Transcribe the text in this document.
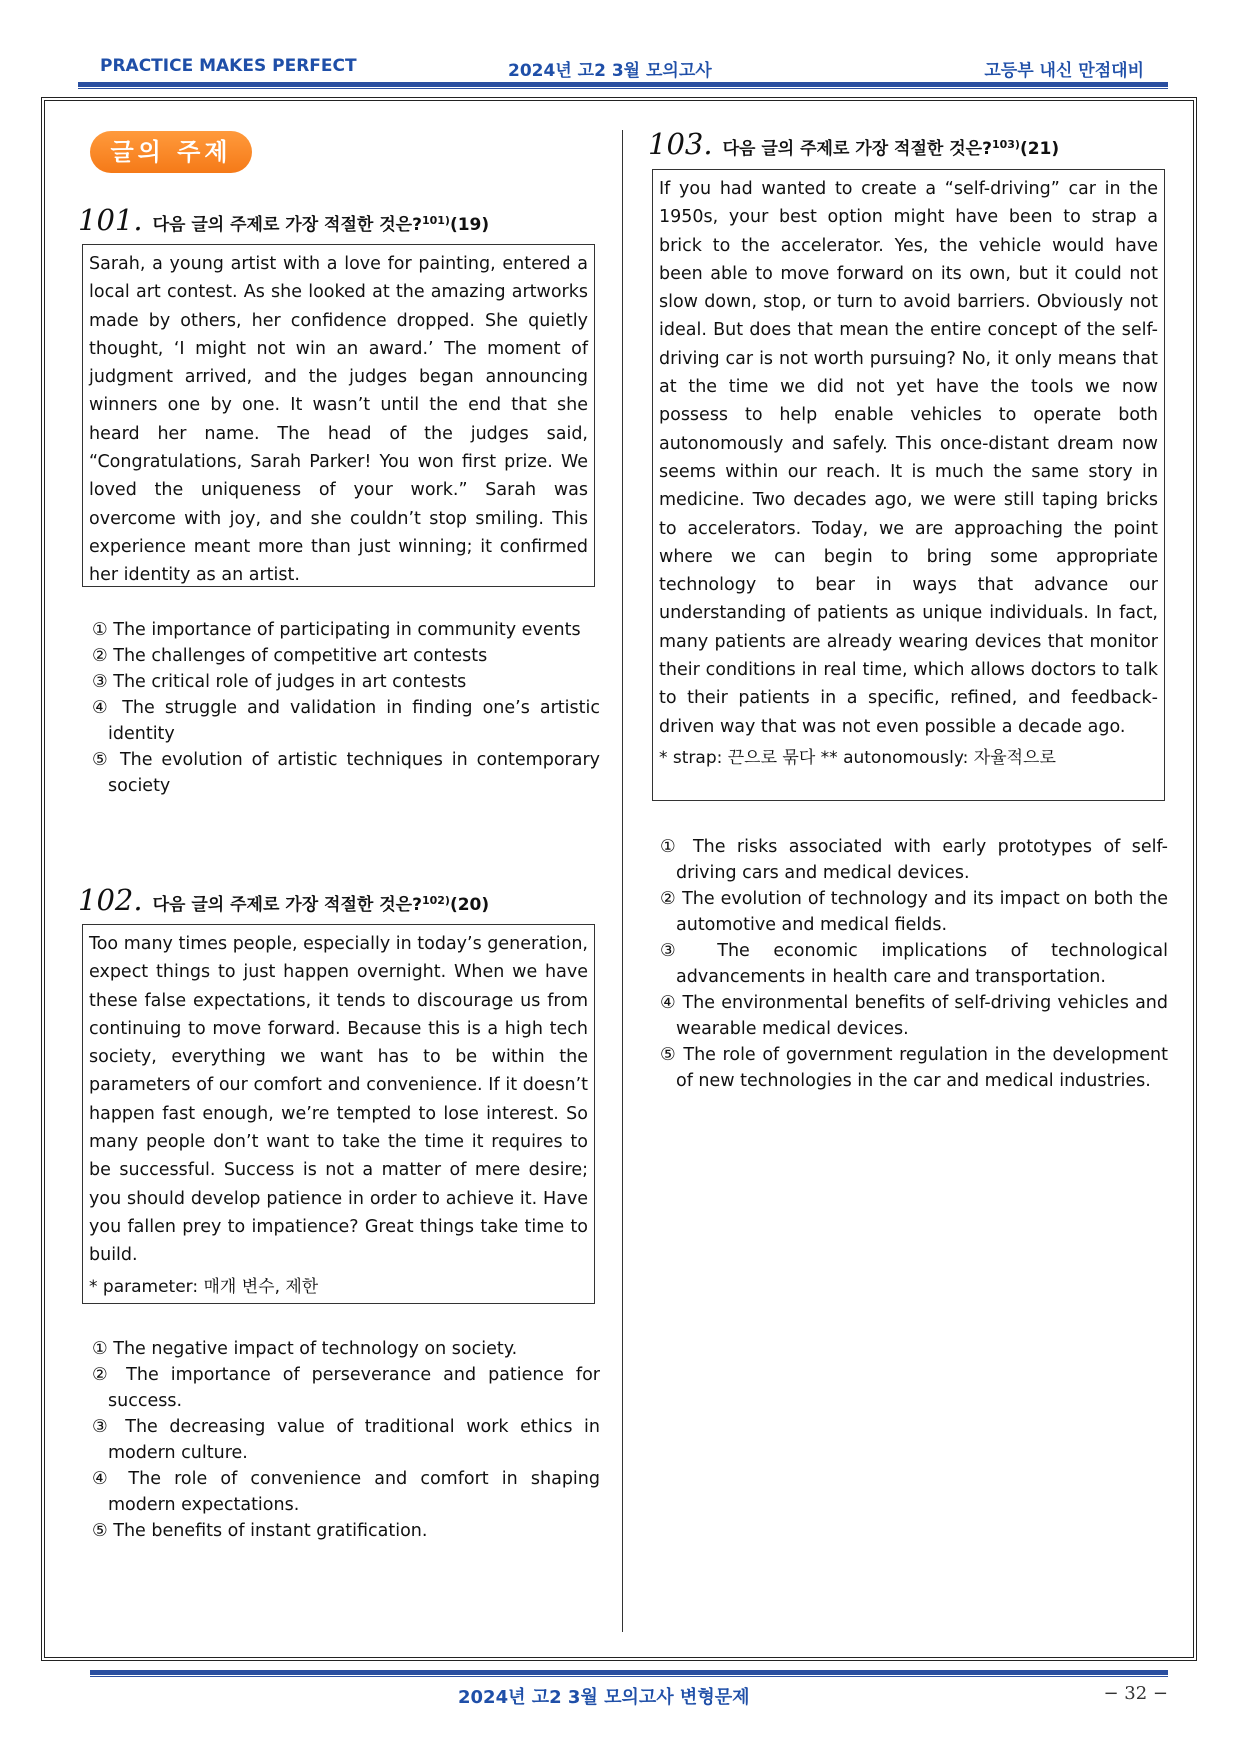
PRACTICE MAKES PERFECT	2024년 고2 3월 모의고사	고등부 내신 만점대비
글의 주제
101. 다음 글의 주제로 가장 적절한 것은? 101) (19)
Sarah, a young artist with a love for painting, entered a local art contest. As she looked at the amazing artworks made by others, her confidence dropped. She quietly thought, ‘I might not win an award.’ The moment of judgment arrived, and the judges began announcing winners one by one. It wasn’t until the end that she heard her name. The head of the judges said, “Congratulations, Sarah Parker! You won first prize. We loved the uniqueness of your work.” Sarah was overcome with joy, and she couldn’t stop smiling. This experience meant more than just winning; it confirmed her identity as an artist.
① The importance of participating in community events
② The challenges of competitive art contests
③ The critical role of judges in art contests
④ The struggle and validation in finding one’s artistic identity
⑤ The evolution of artistic techniques in contemporary society
102. 다음 글의 주제로 가장 적절한 것은? 102) (20)
Too many times people, especially in today’s generation, expect things to just happen overnight. When we have these false expectations, it tends to discourage us from continuing to move forward. Because this is a high tech society, everything we want has to be within the parameters of our comfort and convenience. If it doesn’t happen fast enough, we’re tempted to lose interest. So many people don’t want to take the time it requires to be successful. Success is not a matter of mere desire; you should develop patience in order to achieve it. Have you fallen prey to impatience? Great things take time to build.
* parameter: 매개 변수, 제한
① The negative impact of technology on society.
② The importance of perseverance and patience for success.
③ The decreasing value of traditional work ethics in modern culture.
④ The role of convenience and comfort in shaping modern expectations.
⑤ The benefits of instant gratification.
103. 다음 글의 주제로 가장 적절한 것은? 103) (21)
If you had wanted to create a “self-driving” car in the 1950s, your best option might have been to strap a brick to the accelerator. Yes, the vehicle would have been able to move forward on its own, but it could not slow down, stop, or turn to avoid barriers. Obviously not ideal. But does that mean the entire concept of the self-driving car is not worth pursuing? No, it only means that at the time we did not yet have the tools we now possess to help enable vehicles to operate both autonomously and safely. This once-distant dream now seems within our reach. It is much the same story in medicine. Two decades ago, we were still taping bricks to accelerators. Today, we are approaching the point where we can begin to bring some appropriate technology to bear in ways that advance our understanding of patients as unique individuals. In fact, many patients are already wearing devices that monitor their conditions in real time, which allows doctors to talk to their patients in a specific, refined, and feedback-driven way that was not even possible a decade ago.
* strap: 끈으로 묶다 ** autonomously: 자율적으로
① The risks associated with early prototypes of self-driving cars and medical devices.
② The evolution of technology and its impact on both the automotive and medical fields.
③ The economic implications of technological advancements in health care and transportation.
④ The environmental benefits of self-driving vehicles and wearable medical devices.
⑤ The role of government regulation in the development of new technologies in the car and medical industries.
2024년 고2 3월 모의고사 변형문제	− 32 −
